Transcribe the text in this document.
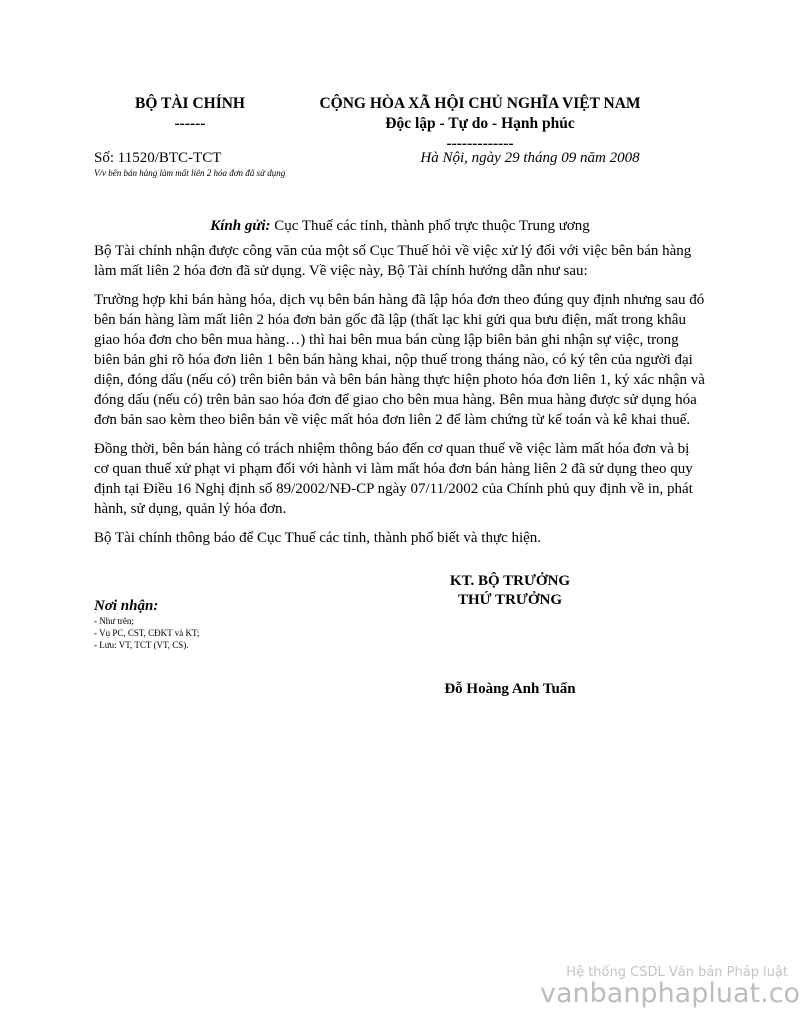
BỘ TÀI CHÍNH
------
CỘNG HÒA XÃ HỘI CHỦ NGHĨA VIỆT NAM
Độc lập - Tự do - Hạnh phúc
-------------
Số: 11520/BTC-TCT
V/v bên bán hàng làm mất liên 2 hóa đơn đã sử dụng
Hà Nội, ngày 29 tháng 09 năm 2008
Kính gửi: Cục Thuế các tỉnh, thành phố trực thuộc Trung ương

Bộ Tài chính nhận được công văn của một số Cục Thuế hỏi về việc xử lý đối với việc bên bán hàng làm mất liên 2 hóa đơn đã sử dụng. Về việc này, Bộ Tài chính hướng dẫn như sau:

Trường hợp khi bán hàng hóa, dịch vụ bên bán hàng đã lập hóa đơn theo đúng quy định nhưng sau đó bên bán hàng làm mất liên 2 hóa đơn bản gốc đã lập (thất lạc khi gửi qua bưu điện, mất trong khâu giao hóa đơn cho bên mua hàng…) thì hai bên mua bán cùng lập biên bản ghi nhận sự việc, trong biên bản ghi rõ hóa đơn liên 1 bên bán hàng khai, nộp thuế trong tháng nào, có ký tên của người đại diện, đóng dấu (nếu có) trên biên bản và bên bán hàng thực hiện photo hóa đơn liên 1, ký xác nhận và đóng dấu (nếu có) trên bản sao hóa đơn để giao cho bên mua hàng. Bên mua hàng được sử dụng hóa đơn bản sao kèm theo biên bản về việc mất hóa đơn liên 2 để làm chứng từ kế toán và kê khai thuế.

Đồng thời, bên bán hàng có trách nhiệm thông báo đến cơ quan thuế về việc làm mất hóa đơn và bị cơ quan thuế xử phạt vi phạm đối với hành vi làm mất hóa đơn bán hàng liên 2 đã sử dụng theo quy định tại Điều 16 Nghị định số 89/2002/NĐ-CP ngày 07/11/2002 của Chính phủ quy định về in, phát hành, sử dụng, quản lý hóa đơn.

Bộ Tài chính thông báo để Cục Thuế các tỉnh, thành phố biết và thực hiện.

KT. BỘ TRƯỞNG
THỨ TRƯỞNG
Đỗ Hoàng Anh Tuấn
Nơi nhận:
- Như trên;
- Vụ PC, CST, CĐKT và KT;
- Lưu: VT, TCT (VT, CS).
Hệ thống CSDL Văn bản Pháp luật
vanbanphapluat.co
